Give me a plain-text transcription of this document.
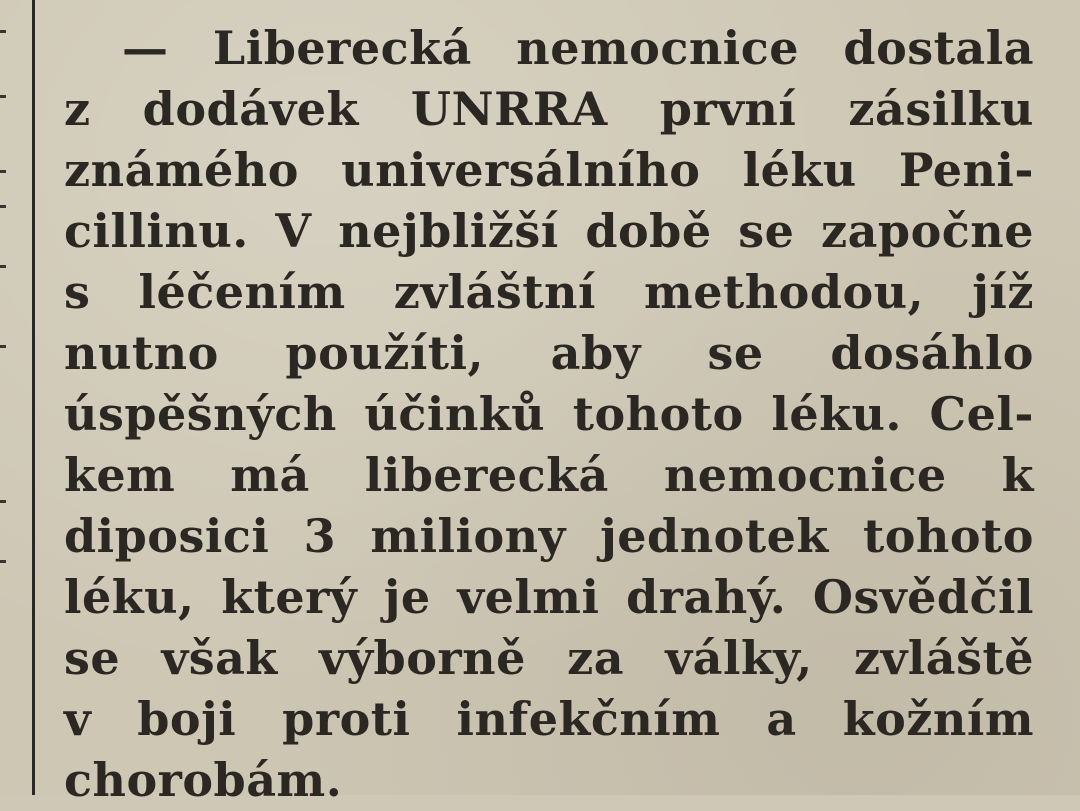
— Liberecká nemocnice dostala
z dodávek UNRRA první zásilku
známého universálního léku Peni-
cillinu. V nejbližší době se započne
s léčením zvláštní methodou, jíž
nutno použíti, aby se dosáhlo
úspěšných účinků tohoto léku. Cel-
kem má liberecká nemocnice k
diposici 3 miliony jednotek tohoto
léku, který je velmi drahý. Osvědčil
se však výborně za války, zvláště
v boji proti infekčním a kožním
chorobám.
